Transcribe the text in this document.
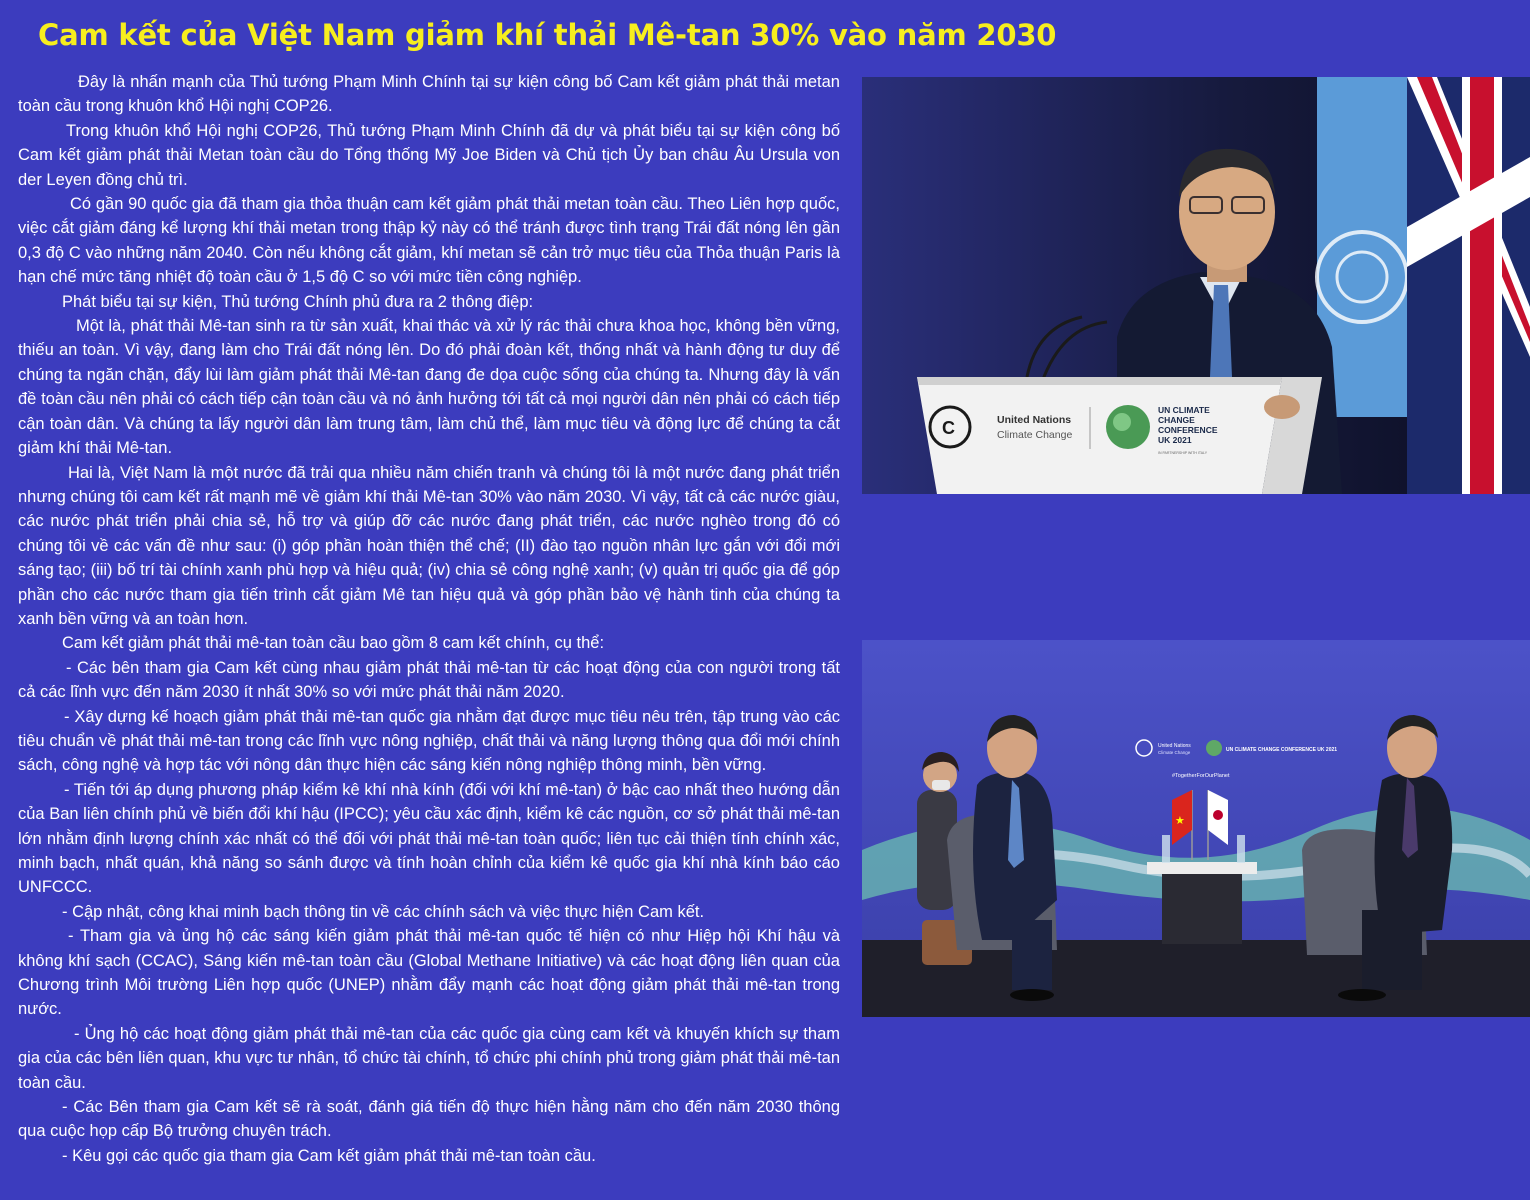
Cam kết của Việt Nam giảm khí thải Mê-tan 30% vào năm 2030

Đây là nhấn mạnh của Thủ tướng Phạm Minh Chính tại sự kiện công bố Cam kết giảm phát thải metan toàn cầu trong khuôn khổ Hội nghị COP26.

Trong khuôn khổ Hội nghị COP26, Thủ tướng Phạm Minh Chính đã dự và phát biểu tại sự kiện công bố Cam kết giảm phát thải Metan toàn cầu do Tổng thống Mỹ Joe Biden và Chủ tịch Ủy ban châu Âu Ursula von der Leyen đồng chủ trì.

Có gần 90 quốc gia đã tham gia thỏa thuận cam kết giảm phát thải metan toàn cầu. Theo Liên hợp quốc, việc cắt giảm đáng kể lượng khí thải metan trong thập kỷ này có thể tránh được tình trạng Trái đất nóng lên gần 0,3 độ C vào những năm 2040. Còn nếu không cắt giảm, khí metan sẽ cản trở mục tiêu của Thỏa thuận Paris là hạn chế mức tăng nhiệt độ toàn cầu ở 1,5 độ C so với mức tiền công nghiệp.

Phát biểu tại sự kiện, Thủ tướng Chính phủ đưa ra 2 thông điệp:

Một là, phát thải Mê-tan sinh ra từ sản xuất, khai thác và xử lý rác thải chưa khoa học, không bền vững, thiếu an toàn. Vì vậy, đang làm cho Trái đất nóng lên. Do đó phải đoàn kết, thống nhất và hành động tư duy để chúng ta ngăn chặn, đẩy lùi làm giảm phát thải Mê-tan đang đe dọa cuộc sống của chúng ta. Nhưng đây là vấn đề toàn cầu nên phải có cách tiếp cận toàn cầu và nó ảnh hưởng tới tất cả mọi người dân nên phải có cách tiếp cận toàn dân. Và chúng ta lấy người dân làm trung tâm, làm chủ thể, làm mục tiêu và động lực để chúng ta cắt giảm khí thải Mê-tan.

Hai là, Việt Nam là một nước đã trải qua nhiều năm chiến tranh và chúng tôi là một nước đang phát triển nhưng chúng tôi cam kết rất mạnh mẽ về giảm khí thải Mê-tan 30% vào năm 2030. Vì vậy, tất cả các nước giàu, các nước phát triển phải chia sẻ, hỗ trợ và giúp đỡ các nước đang phát triển, các nước nghèo trong đó có chúng tôi về các vấn đề như sau: (i) góp phần hoàn thiện thể chế; (II) đào tạo nguồn nhân lực gắn với đổi mới sáng tạo; (iii) bố trí tài chính xanh phù hợp và hiệu quả; (iv) chia sẻ công nghệ xanh; (v) quản trị quốc gia để góp phần cho các nước tham gia tiến trình cắt giảm Mê tan hiệu quả và góp phần bảo vệ hành tinh của chúng ta xanh bền vững và an toàn hơn.

Cam kết giảm phát thải mê-tan toàn cầu bao gồm 8 cam kết chính, cụ thể:

- Các bên tham gia Cam kết cùng nhau giảm phát thải mê-tan từ các hoạt động của con người trong tất cả các lĩnh vực đến năm 2030 ít nhất 30% so với mức phát thải năm 2020.

- Xây dựng kế hoạch giảm phát thải mê-tan quốc gia nhằm đạt được mục tiêu nêu trên, tập trung vào các tiêu chuẩn về phát thải mê-tan trong các lĩnh vực nông nghiệp, chất thải và năng lượng thông qua đổi mới chính sách, công nghệ và hợp tác với nông dân thực hiện các sáng kiến nông nghiệp thông minh, bền vững.

- Tiến tới áp dụng phương pháp kiểm kê khí nhà kính (đối với khí mê-tan) ở bậc cao nhất theo hướng dẫn của Ban liên chính phủ về biến đổi khí hậu (IPCC); yêu cầu xác định, kiểm kê các nguồn, cơ sở phát thải mê-tan lớn nhằm định lượng chính xác nhất có thể đối với phát thải mê-tan toàn quốc; liên tục cải thiện tính chính xác, minh bạch, nhất quán, khả năng so sánh được và tính hoàn chỉnh của kiểm kê quốc gia khí nhà kính báo cáo UNFCCC.

- Cập nhật, công khai minh bạch thông tin về các chính sách và việc thực hiện Cam kết.

- Tham gia và ủng hộ các sáng kiến giảm phát thải mê-tan quốc tế hiện có như Hiệp hội Khí hậu và không khí sạch (CCAC), Sáng kiến mê-tan toàn cầu (Global Methane Initiative) và các hoạt động liên quan của Chương trình Môi trường Liên hợp quốc (UNEP) nhằm đẩy mạnh các hoạt động giảm phát thải mê-tan trong nước.

- Ủng hộ các hoạt động giảm phát thải mê-tan của các quốc gia cùng cam kết và khuyến khích sự tham gia của các bên liên quan, khu vực tư nhân, tổ chức tài chính, tổ chức phi chính phủ trong giảm phát thải mê-tan toàn cầu.

- Các Bên tham gia Cam kết sẽ rà soát, đánh giá tiến độ thực hiện hằng năm cho đến năm 2030 thông qua cuộc họp cấp Bộ trưởng chuyên trách.

- Kêu gọi các quốc gia tham gia Cam kết giảm phát thải mê-tan toàn cầu.

C	United Nations
Climate Change
UN CLIMATE
CHANGE
CONFERENCE
UK 2021
IN PARTNERSHIP WITH ITALY
United Nations
Climate Change	UN CLIMATE CHANGE CONFERENCE UK 2021
#TogetherForOurPlanet
★
